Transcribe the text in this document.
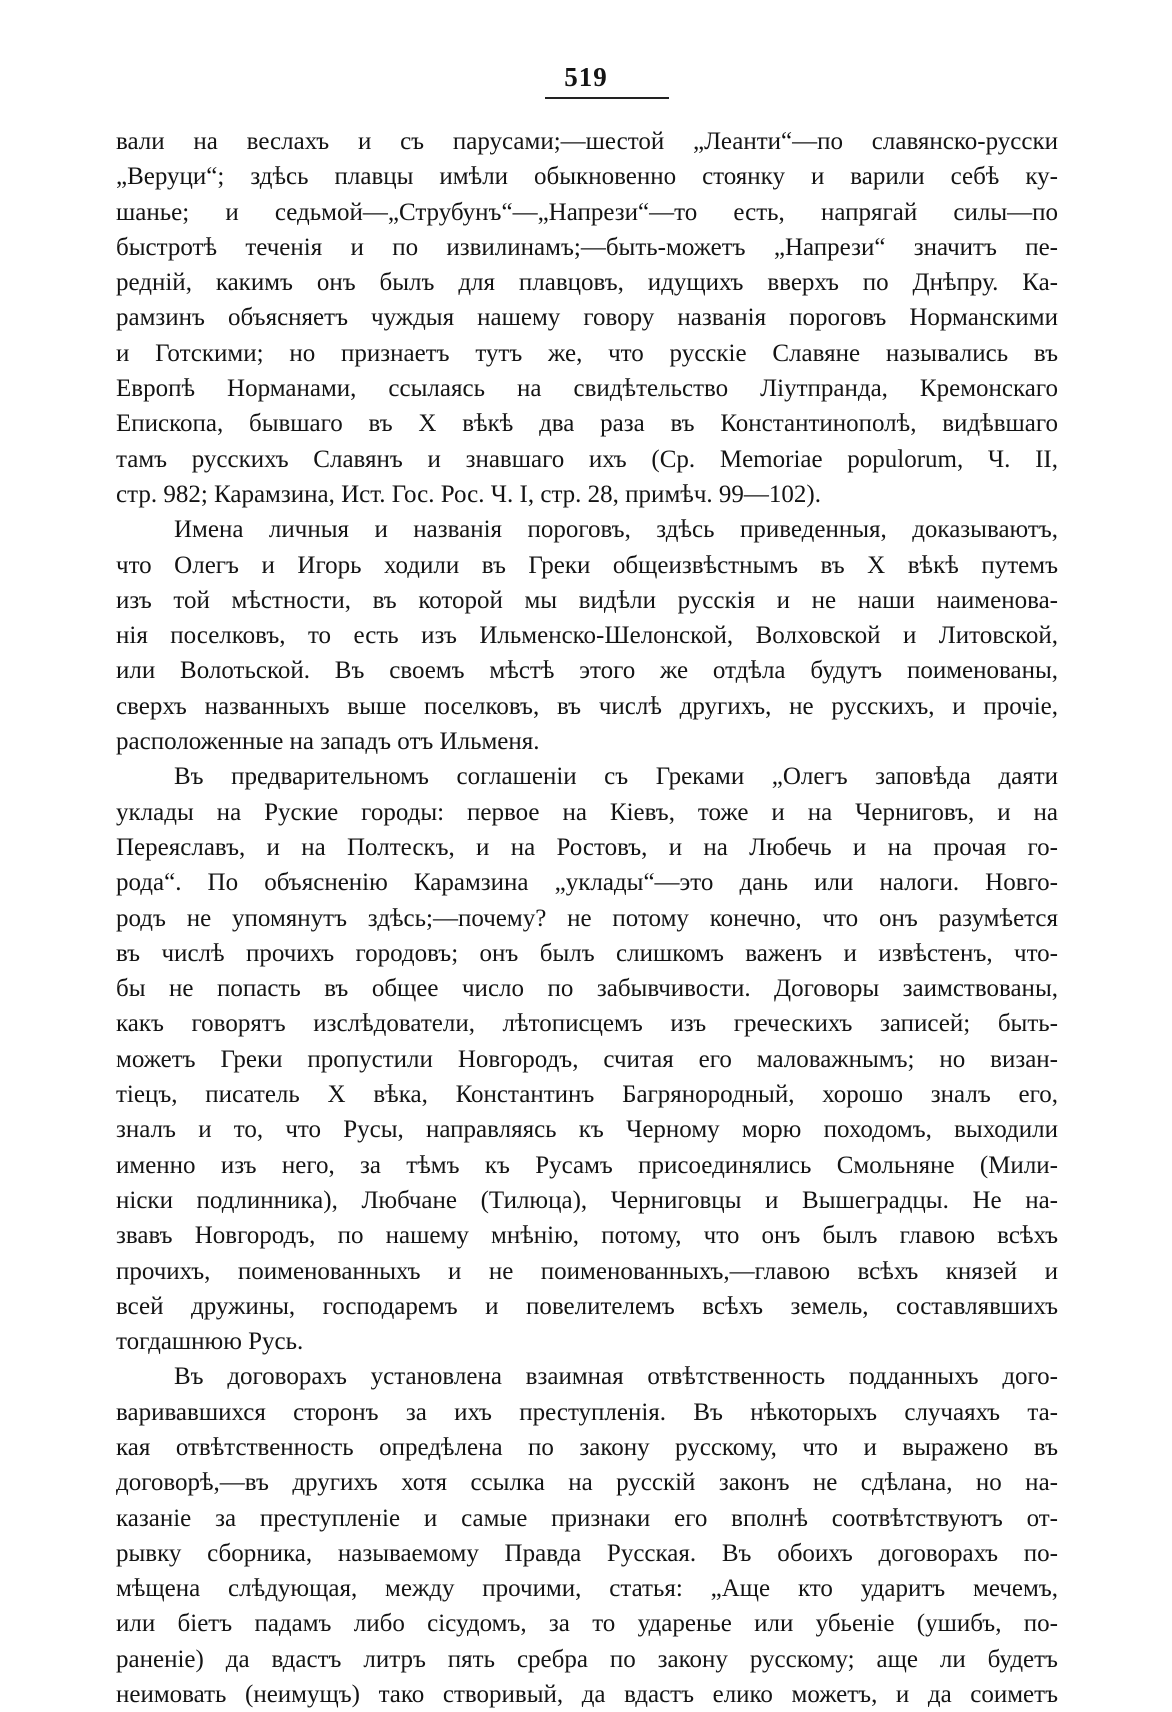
519
вали на веслахъ и съ парусами;—шестой „Леанти“—по славянско-русски
„Веруци“; здѣсь плавцы имѣли обыкновенно стоянку и варили себѣ ку-
шанье; и седьмой—„Струбунъ“—„Напрези“—то есть, напрягай силы—по
быстротѣ теченія и по извилинамъ;—быть-можетъ „Напрези“ значитъ пе-
редній, какимъ онъ былъ для плавцовъ, идущихъ вверхъ по Днѣпру. Ка-
рамзинъ объясняетъ чуждыя нашему говору названія пороговъ Норманскими
и Готскими; но признаетъ тутъ же, что русскіе Славяне назывались въ
Европѣ Норманами, ссылаясь на свидѣтельство Ліутпранда, Кремонскаго
Епископа, бывшаго въ X вѣкѣ два раза въ Константинополѣ, видѣвшаго
тамъ русскихъ Славянъ и знавшаго ихъ (Ср. Memoriae populorum, Ч. II,
стр. 982; Карамзина, Ист. Гос. Рос. Ч. I, стр. 28, примѣч. 99—102).
Имена личныя и названія пороговъ, здѣсь приведенныя, доказываютъ,
что Олегъ и Игорь ходили въ Греки общеизвѣстнымъ въ X вѣкѣ путемъ
изъ той мѣстности, въ которой мы видѣли русскія и не наши наименова-
нія поселковъ, то есть изъ Ильменско-Шелонской, Волховской и Литовской,
или Волотьской. Въ своемъ мѣстѣ этого же отдѣла будутъ поименованы,
сверхъ названныхъ выше поселковъ, въ числѣ другихъ, не русскихъ, и прочіе,
расположенные на западъ отъ Ильменя.
Въ предварительномъ соглашеніи съ Греками „Олегъ заповѣда даяти
уклады на Руские городы: первое на Кіевъ, тоже и на Черниговъ, и на
Переяславъ, и на Полтескъ, и на Ростовъ, и на Любечь и на прочая го-
рода“. По объясненію Карамзина „уклады“—это дань или налоги. Новго-
родъ не упомянутъ здѣсь;—почему? не потому конечно, что онъ разумѣется
въ числѣ прочихъ городовъ; онъ былъ слишкомъ важенъ и извѣстенъ, что-
бы не попасть въ общее число по забывчивости. Договоры заимствованы,
какъ говорятъ изслѣдователи, лѣтописцемъ изъ греческихъ записей; быть-
можетъ Греки пропустили Новгородъ, считая его маловажнымъ; но визан-
тіецъ, писатель X вѣка, Константинъ Багрянородный, хорошо зналъ его,
зналъ и то, что Русы, направляясь къ Черному морю походомъ, выходили
именно изъ него, за тѣмъ къ Русамъ присоединялись Смольняне (Мили-
нiски подлинника), Любчане (Тилюца), Черниговцы и Вышеградцы. Не на-
звавъ Новгородъ, по нашему мнѣнію, потому, что онъ былъ главою всѣхъ
прочихъ, поименованныхъ и не поименованныхъ,—главою всѣхъ князей и
всей дружины, господаремъ и повелителемъ всѣхъ земель, составлявшихъ
тогдашнюю Русь.
Въ договорахъ установлена взаимная отвѣтственность подданныхъ дого-
варивавшихся сторонъ за ихъ преступленія. Въ нѣкоторыхъ случаяхъ та-
кая отвѣтственность опредѣлена по закону русскому, что и выражено въ
договорѣ,—въ другихъ хотя ссылка на русскій законъ не сдѣлана, но на-
казаніе за преступленіе и самые признаки его вполнѣ соотвѣтствуютъ от-
рывку сборника, называемому Правда Русская. Въ обоихъ договорахъ по-
мѣщена слѣдующая, между прочими, статья: „Аще кто ударитъ мечемъ,
или біетъ падамъ либо сісудомъ, за то ударенье или убьеніе (ушибъ, по-
раненіе) да вдастъ литръ пять сребра по закону русскому; аще ли будетъ
неимовать (неимущъ) тако створивый, да вдастъ елико можетъ, и да соиметъ
